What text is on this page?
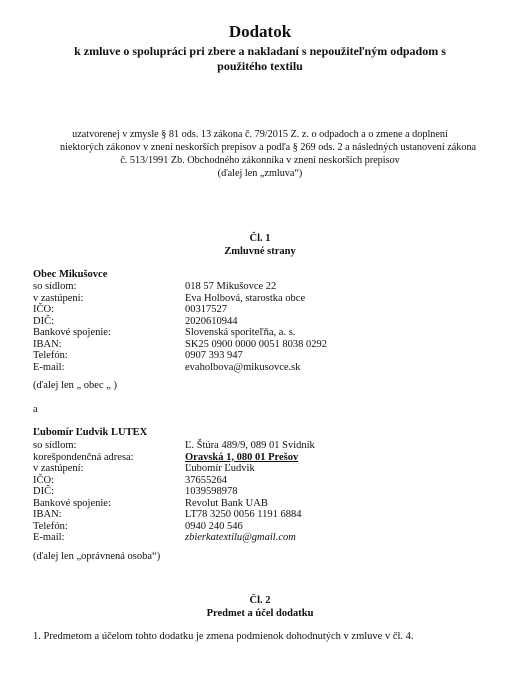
Dodatok
k zmluve o spolupráci pri zbere a nakladaní s nepoužiteľným odpadom s
použitého textilu
uzatvorenej v zmysle § 81 ods. 13 zákona č. 79/2015 Z. z. o odpadoch a o zmene a doplnení
niektorých zákonov v znení neskorších prepisov a podľa § 269 ods. 2 a následných ustanovení zákona
č. 513/1991 Zb. Obchodného zákonníka v znení neskorších prepisov
(ďalej len „zmluva“)
Čl. 1
Zmluvné strany
Obec Mikušovce
so sídlom:	018 57 Mikušovce 22
v zastúpení:	Eva Holbová, starostka obce
IČO:	00317527
DIČ:	2020610944
Bankové spojenie:	Slovenská sporiteľňa, a. s.
IBAN:	SK25 0900 0000 0051 8038 0292
Telefón:	0907 393 947
E-mail:	evaholbova@mikusovce.sk
(ďalej len „ obec „ )
a
Ľubomír Ľudvik LUTEX
so sídlom:	Ľ. Štúra 489/9, 089 01 Svidník
korešpondenčná adresa:	Oravská 1, 080 01 Prešov
v zastúpení:	Ľubomír Ľudvik
IČO:	37655264
DIČ:	1039598978
Bankové spojenie:	Revolut Bank UAB
IBAN:	LT78 3250 0056 1191 6884
Telefón:	0940 240 546
E-mail:	zbierkatextilu@gmail.com
(ďalej len „oprávnená osoba“)
Čl. 2
Predmet a účel dodatku
1. Predmetom a účelom tohto dodatku je zmena podmienok dohodnutých v zmluve v čl. 4.
